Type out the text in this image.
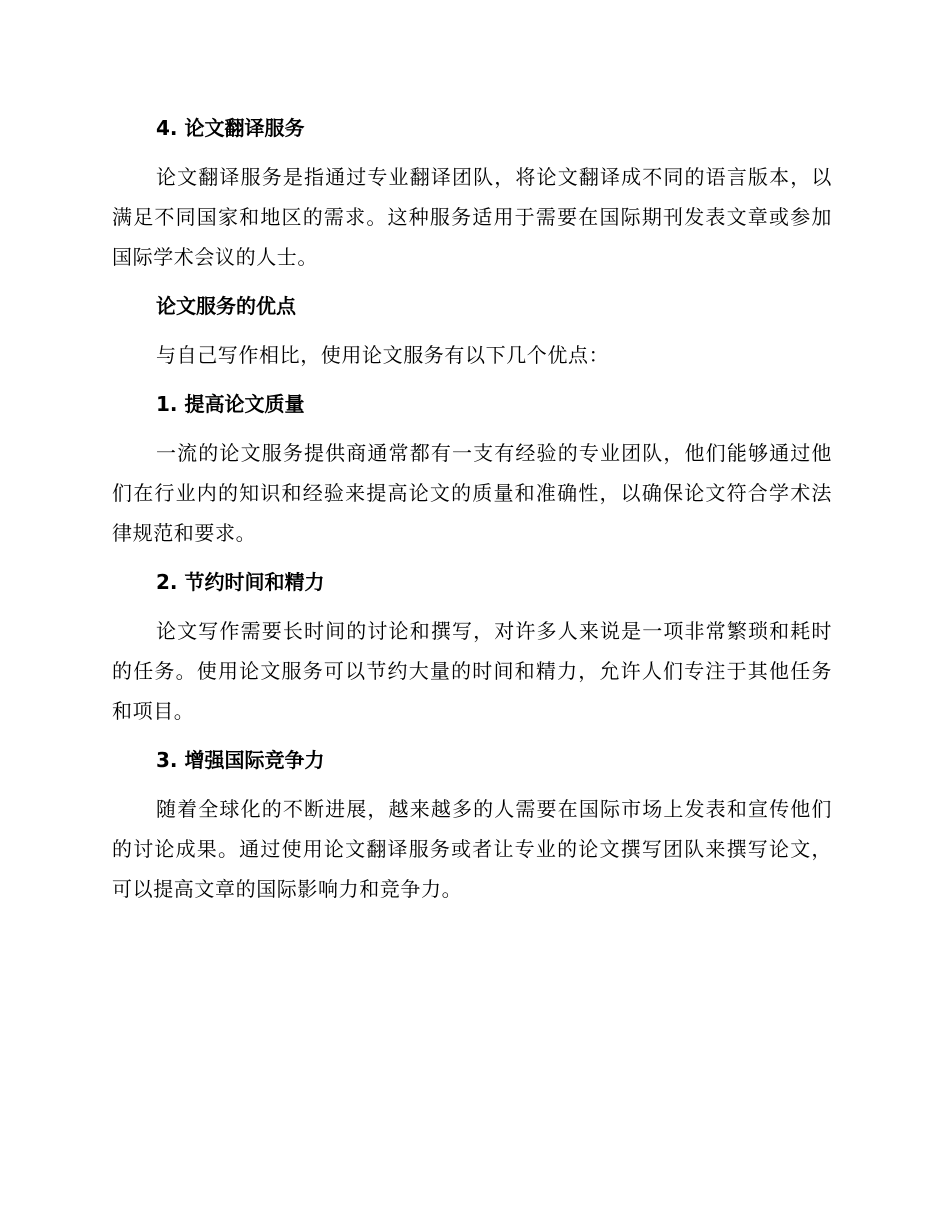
4. 论文翻译服务

论文翻译服务是指通过专业翻译团队，将论文翻译成不同的语言版本，以满足不同国家和地区的需求。这种服务适用于需要在国际期刊发表文章或参加国际学术会议的人士。

论文服务的优点

与自己写作相比，使用论文服务有以下几个优点：

1. 提高论文质量

一流的论文服务提供商通常都有一支有经验的专业团队，他们能够通过他们在行业内的知识和经验来提高论文的质量和准确性，以确保论文符合学术法律规范和要求。

2. 节约时间和精力

论文写作需要长时间的讨论和撰写，对许多人来说是一项非常繁琐和耗时的任务。使用论文服务可以节约大量的时间和精力，允许人们专注于其他任务和项目。

3. 增强国际竞争力

随着全球化的不断进展，越来越多的人需要在国际市场上发表和宣传他们的讨论成果。通过使用论文翻译服务或者让专业的论文撰写团队来撰写论文，可以提高文章的国际影响力和竞争力。
